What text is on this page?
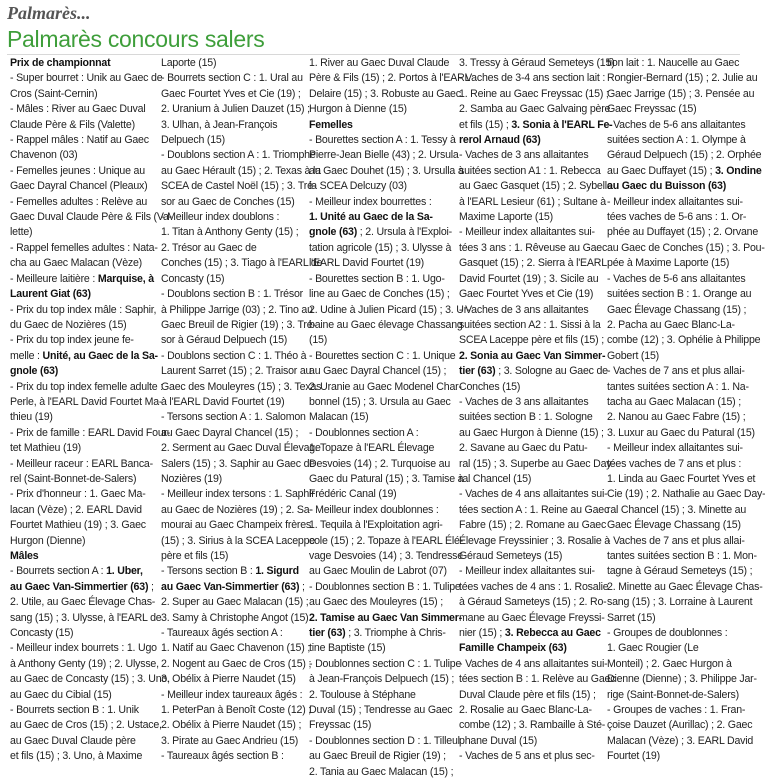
Palmarès...
Palmarès concours salers
Prix de championnat
- Super bourret : Unik au Gaec de
Cros (Saint-Cernin)
- Mâles : River au Gaec Duval
Claude Père & Fils (Valette)
- Rappel mâles : Natif au Gaec
Chavenon (03)
- Femelles jeunes : Unique au
Gaec Dayral Chancel (Pleaux)
- Femelles adultes : Relève au
Gaec Duval Claude Père & Fils (Va-
lette)
- Rappel femelles adultes : Nata-
cha au Gaec Malacan (Vèze)
- Meilleure laitière : Marquise, à
Laurent Giat (63)
- Prix du top index mâle : Saphir,
du Gaec de Nozières (15)
- Prix du top index jeune fe-
melle : Unité, au Gaec de la Sa-
gnole (63)
- Prix du top index femelle adulte :
Perle, à l'EARL David Fourtet Ma-
thieu (19)
- Prix de famille : EARL David Four-
tet Mathieu (19)
- Meilleur raceur : EARL Banca-
rel (Saint-Bonnet-de-Salers)
- Prix d'honneur : 1. Gaec Ma-
lacan (Vèze) ; 2. EARL David
Fourtet Mathieu (19) ; 3. Gaec
Hurgon (Dienne)
Mâles
- Bourrets section A : 1. Uber,
au Gaec Van-Simmertier (63) ;
2. Utile, au Gaec Élevage Chas-
sang (15) ; 3. Ulysse, à l'EARL de
Concasty (15)
- Meilleur index bourrets : 1. Ugo
à Anthony Genty (19) ; 2. Ulysse,
au Gaec de Concasty (15) ; 3. Uno,
au Gaec du Cibial (15)
- Bourrets section B : 1. Unik
au Gaec de Cros (15) ; 2. Ustace,
au Gaec Duval Claude père
et fils (15) ; 3. Uno, à Maxime
Laporte (15)
- Bourrets section C : 1. Ural au
Gaec Fourtet Yves et Cie (19) ;
2. Uranium à Julien Dauzet (15) ;
3. Ulhan, à Jean-François
Delpuech (15)
- Doublons section A : 1. Triomphe
au Gaec Hérault (15) ; 2. Texas à la
SCEA de Castel Noël (15) ; 3. Tré-
sor au Gaec de Conches (15)
- Meilleur index doublons :
1. Titan à Anthony Genty (15) ;
2. Trésor au Gaec de
Conches (15) ; 3. Tiago à l'EARL de
Concasty (15)
- Doublons section B : 1. Trésor
à Philippe Jarrige (03) ; 2. Tino au
Gaec Breuil de Rigier (19) ; 3. Tré-
sor à Géraud Delpuech (15)
- Doublons section C : 1. Théo à
Laurent Sarret (15) ; 2. Traisor au
Gaec des Mouleyres (15) ; 3. Texas
à l'EARL David Fourtet (19)
- Tersons section A : 1. Salomon
au Gaec Dayral Chancel (15) ;
2. Serment au Gaec Duval Élevage
Salers (15) ; 3. Saphir au Gaec de
Nozières (19)
- Meilleur index tersons : 1. Saphir
au Gaec de Nozières (19) ; 2. Sa-
mourai au Gaec Champeix frères
(15) ; 3. Sirius à la SCEA Laceppe
père et fils (15)
- Tersons section B : 1. Sigurd
au Gaec Van-Simmertier (63) ;
2. Super au Gaec Malacan (15) ;
3. Samy à Christophe Angot (15)
- Taureaux âgés section A :
1. Natif au Gaec Chavenon (15) ;
2. Nogent au Gaec de Cros (15) ;
3. Obélix à Pierre Naudet (15)
- Meilleur index taureaux âgés :
1. PeterPan à Benoît Coste (12) ;
2. Obélix à Pierre Naudet (15) ;
3. Pirate au Gaec Andrieu (15)
- Taureaux âgés section B :
1. River au Gaec Duval Claude
Père & Fils (15) ; 2. Portos à l'EARL
Delaire (15) ; 3. Robuste au Gaec
Hurgon à Dienne (15)
Femelles
- Bourettes section A : 1. Tessy à
Pierre-Jean Bielle (43) ; 2. Ursula
au Gaec Douhet (15) ; 3. Ursulla à
la SCEA Delcuzy (03)
- Meilleur index bourrettes :
1. Unité au Gaec de la Sa-
gnole (63) ; 2. Ursula à l'Exploi-
tation agricole (15) ; 3. Ulysse à
l'EARL David Fourtet (19)
- Bourettes section B : 1. Ugo-
line au Gaec de Conches (15) ;
2. Udine à Julien Picard (15) ; 3. Ur-
baine au Gaec élevage Chassang
(15)
- Bourettes section C : 1. Unique
au Gaec Dayral Chancel (15) ;
2. Uranie au Gaec Modenel Char-
bonnel (15) ; 3. Ursula au Gaec
Malacan (15)
- Doublonnes section A :
1. Topaze à l'EARL Élevage
Desvoies (14) ; 2. Turquoise au
Gaec du Patural (15) ; 3. Tamise à
Frédéric Canal (19)
- Meilleur index doublonnes :
1. Tequila à l'Exploitation agri-
cole (15) ; 2. Topaze à l'EARL Élé-
vage Desvoies (14) ; 3. Tendresse
au Gaec Moulin de Labrot (07)
- Doublonnes section B : 1. Tulipe
au Gaec des Mouleyres (15) ;
2. Tamise au Gaec Van Simmer-
tier (63) ; 3. Triomphe à Chris-
tine Baptiste (15)
- Doublonnes section C : 1. Tulipe
à Jean-François Delpuech (15) ;
2. Toulouse à Stéphane
Duval (15) ; Tendresse au Gaec
Freyssac (15)
- Doublonnes section D : 1. Tilleul
au Gaec Breuil de Rigier (19) ;
2. Tania au Gaec Malacan (15) ;
3. Tressy à Géraud Semeteys (15)
- Vaches de 3-4 ans section lait :
1. Reine au Gaec Freyssac (15) ;
2. Samba au Gaec Galvaing père
et fils (15) ; 3. Sonia à l'EARL Fe-
rerol Arnaud (63)
- Vaches de 3 ans allaitantes
suitées section A1 : 1. Rebecca
au Gaec Gasquet (15) ; 2. Sybelle
à l'EARL Lesieur (61) ; Sultane à
Maxime Laporte (15)
- Meilleur index allaitantes sui-
tées 3 ans : 1. Rêveuse au Gaec
Gasquet (15) ; 2. Sierra à l'EARL
David Fourtet (19) ; 3. Sicile au
Gaec Fourtet Yves et Cie (19)
- Vaches de 3 ans allaitantes
suitées section A2 : 1. Sissi à la
SCEA Laceppe père et fils (15) ;
2. Sonia au Gaec Van Simmer-
tier (63) ; 3. Sologne au Gaec de
Conches (15)
- Vaches de 3 ans allaitantes
suitées section B : 1. Sologne
au Gaec Hurgon à Dienne (15) ;
2. Savane au Gaec du Patu-
ral (15) ; 3. Superbe au Gaec Day-
ral Chancel (15)
- Vaches de 4 ans allaitantes sui-
tées section A : 1. Reine au Gaec
Fabre (15) ; 2. Romane au Gaec
Élevage Freyssinier ; 3. Rosalie à
Géraud Semeteys (15)
- Meilleur index allaitantes sui-
tées vaches de 4 ans : 1. Rosalie
à Géraud Sameteys (15) ; 2. Ro-
mane au Gaec Élevage Freyssi-
nier (15) ; 3. Rebecca au Gaec
Famille Champeix (63)
- Vaches de 4 ans allaitantes sui-
tées section B : 1. Relève au Gaec
Duval Claude père et fils (15) ;
2. Rosalie au Gaec Blanc-La-
combe (12) ; 3. Rambaille à Sté-
phane Duval (15)
- Vaches de 5 ans et plus sec-
tion lait : 1. Naucelle au Gaec
Rongier-Bernard (15) ; 2. Julie au
Gaec Jarrige (15) ; 3. Pensée au
Gaec Freyssac (15)
- Vaches de 5-6 ans allaitantes
suitées section A : 1. Olympe à
Géraud Delpuech (15) ; 2. Orphée
au Gaec Duffayet (15) ; 3. Ondine
au Gaec du Buisson (63)
- Meilleur index allaitantes sui-
tées vaches de 5-6 ans : 1. Or-
phée au Duffayet (15) ; 2. Orvane
au Gaec de Conches (15) ; 3. Pou-
pée à Maxime Laporte (15)
- Vaches de 5-6 ans allaitantes
suitées section B : 1. Orange au
Gaec Élevage Chassang (15) ;
2. Pacha au Gaec Blanc-La-
combe (12) ; 3. Ophélie à Philippe
Gobert (15)
- Vaches de 7 ans et plus allai-
tantes suitées section A : 1. Na-
tacha au Gaec Malacan (15) ;
2. Nanou au Gaec Fabre (15) ;
3. Luxur au Gaec du Patural (15)
- Meilleur index allaitantes sui-
tées vaches de 7 ans et plus :
1. Linda au Gaec Fourtet Yves et
Cie (19) ; 2. Nathalie au Gaec Day-
ral Chancel (15) ; 3. Minette au
Gaec Élevage Chassang (15)
- Vaches de 7 ans et plus allai-
tantes suitées section B : 1. Mon-
tagne à Géraud Semeteys (15) ;
2. Minette au Gaec Élevage Chas-
sang (15) ; 3. Lorraine à Laurent
Sarret (15)
- Groupes de doublonnes :
1. Gaec Rougier (Le
Monteil) ; 2. Gaec Hurgon à
Dienne (Dienne) ; 3. Philippe Jar-
rige (Saint-Bonnet-de-Salers)
- Groupes de vaches : 1. Fran-
çoise Dauzet (Aurillac) ; 2. Gaec
Malacan (Vèze) ; 3. EARL David
Fourtet (19)
